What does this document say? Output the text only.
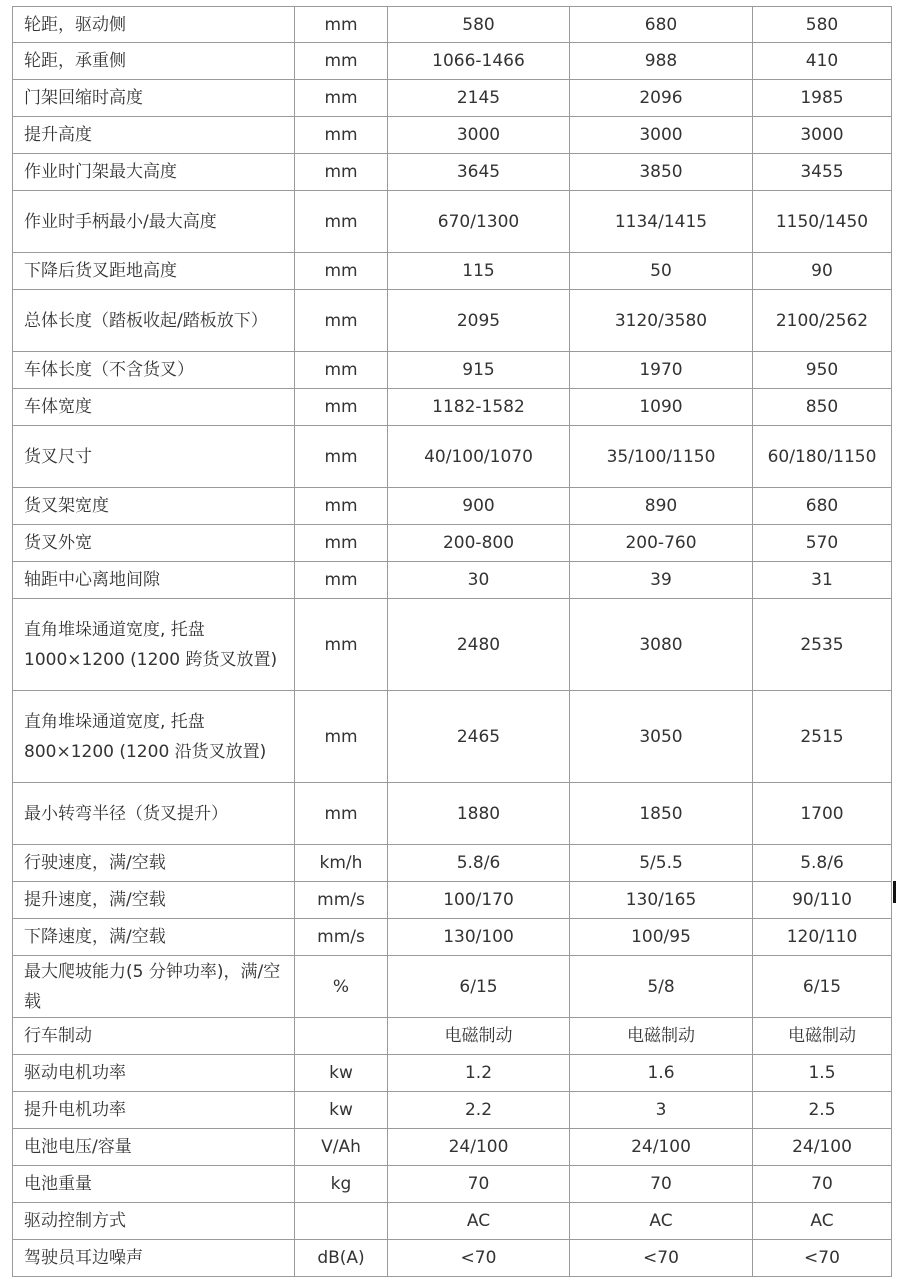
轮距，驱动侧	mm	580	680	580
轮距，承重侧	mm	1066-1466	988	410
门架回缩时高度	mm	2145	2096	1985
提升高度	mm	3000	3000	3000
作业时门架最大高度	mm	3645	3850	3455
作业时手柄最小/最大高度	mm	670/1300	1134/1415	1150/1450
下降后货叉距地高度	mm	115	50	90
总体长度（踏板收起/踏板放下）	mm	2095	3120/3580	2100/2562
车体长度（不含货叉）	mm	915	1970	950
车体宽度	mm	1182-1582	1090	850
货叉尺寸	mm	40/100/1070	35/100/1150	60/180/1150
货叉架宽度	mm	900	890	680
货叉外宽	mm	200-800	200-760	570
轴距中心离地间隙	mm	30	39	31
直角堆垛通道宽度, 托盘 1000×1200 (1200 跨货叉放置)	mm	2480	3080	2535
直角堆垛通道宽度, 托盘 800×1200 (1200 沿货叉放置)	mm	2465	3050	2515
最小转弯半径（货叉提升）	mm	1880	1850	1700
行驶速度，满/空载	km/h	5.8/6	5/5.5	5.8/6
提升速度，满/空载	mm/s	100/170	130/165	90/110
下降速度，满/空载	mm/s	130/100	100/95	120/110
最大爬坡能力(5 分钟功率)，满/空载	%	6/15	5/8	6/15
行车制动		电磁制动	电磁制动	电磁制动
驱动电机功率	kw	1.2	1.6	1.5
提升电机功率	kw	2.2	3	2.5
电池电压/容量	V/Ah	24/100	24/100	24/100
电池重量	kg	70	70	70
驱动控制方式		AC	AC	AC
驾驶员耳边噪声	dB(A)	<70	<70	<70
